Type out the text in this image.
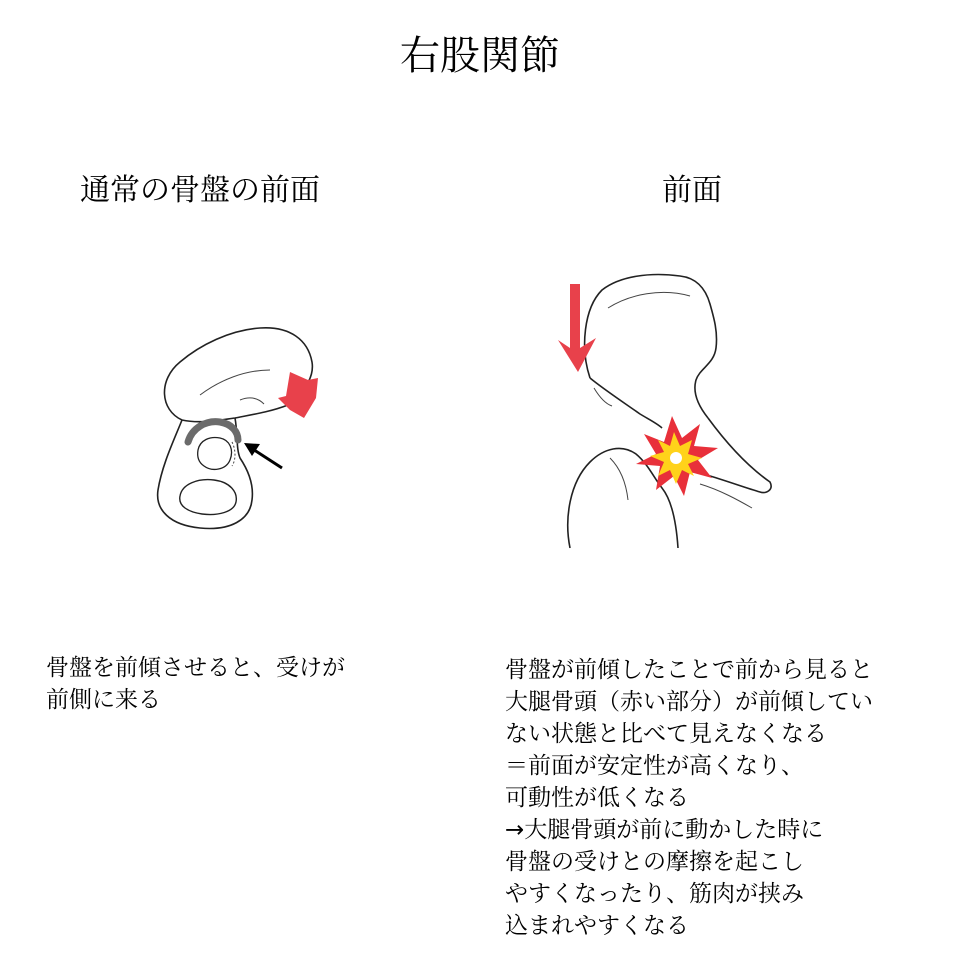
右股関節
通常の骨盤の前面
骨盤を前傾させると、受けが
前側に来る
前面
骨盤が前傾したことで前から見ると
大腿骨頭（赤い部分）が前傾してい
ない状態と比べて見えなくなる
＝前面が安定性が高くなり、
可動性が低くなる
→大腿骨頭が前に動かした時に
骨盤の受けとの摩擦を起こし
やすくなったり、筋肉が挟み
込まれやすくなる
